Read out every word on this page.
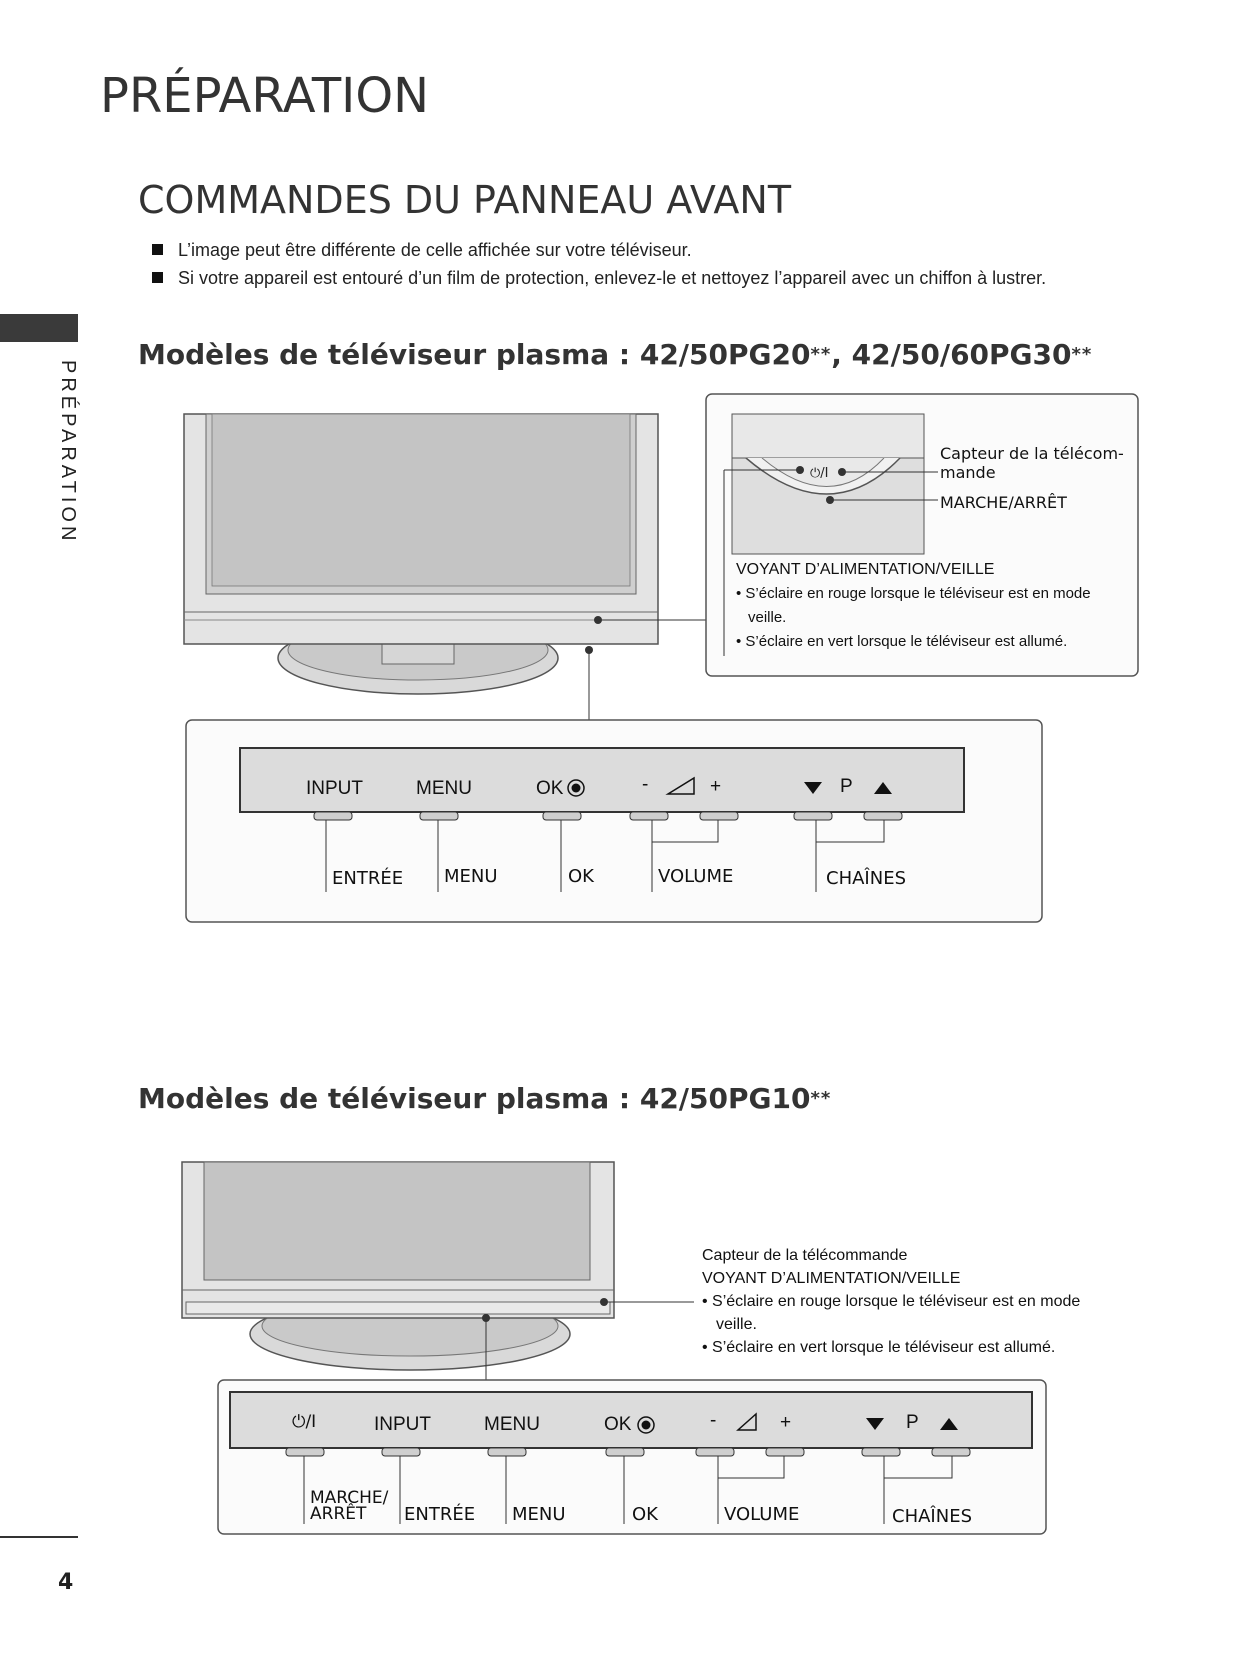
PRÉPARATION
COMMANDES DU PANNEAU AVANT
L’image peut être différente de celle affichée sur votre téléviseur.
Si votre appareil est entouré d’un film de protection, enlevez-le et nettoyez l’appareil avec un chiffon à lustrer.
PRÉPARATION
Modèles de téléviseur plasma : 42/50PG20**, 42/50/60PG30**
Capteur de la télécom-
mande
MARCHE/ARRÊT
⏻/I
VOYANT D’ALIMENTATION/VEILLE
• S’éclaire en rouge lorsque le téléviseur est en mode
veille.
• S’éclaire en vert lorsque le téléviseur est allumé.
INPUT	MENU	OK	-	+	P
ENTRÉE MENU	OK	VOLUME	CHAÎNES
Modèles de téléviseur plasma : 42/50PG10**
Capteur de la télécommande
VOYANT D’ALIMENTATION/VEILLE
• S’éclaire en rouge lorsque le téléviseur est en mode
veille.
• S’éclaire en vert lorsque le téléviseur est allumé.
⏻/I	INPUT	MENU	OK	-	+	P
MARCHE/
ARRÊT	ENTRÉE MENU	OK	VOLUME	CHAÎNES
4
